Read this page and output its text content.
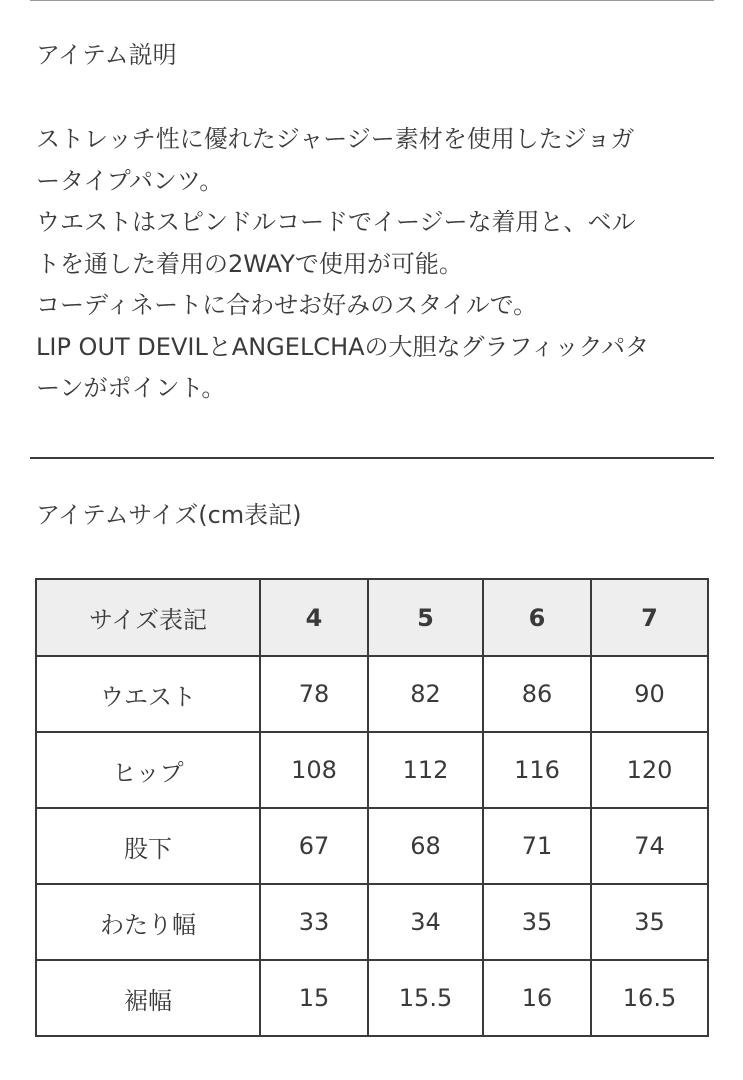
アイテム説明
ストレッチ性に優れたジャージー素材を使用したジョガ
ータイプパンツ。
ウエストはスピンドルコードでイージーな着用と、ベル
トを通した着用の2WAYで使用が可能。
コーディネートに合わせお好みのスタイルで。
LIP OUT DEVILとANGELCHAの大胆なグラフィックパタ
ーンがポイント。
アイテムサイズ(cm表記)
サイズ表記	4	5	6	7
ウエスト	78	82	86	90
ヒップ	108	112	116	120
股下	67	68	71	74
わたり幅	33	34	35	35
裾幅	15	15.5	16	16.5
